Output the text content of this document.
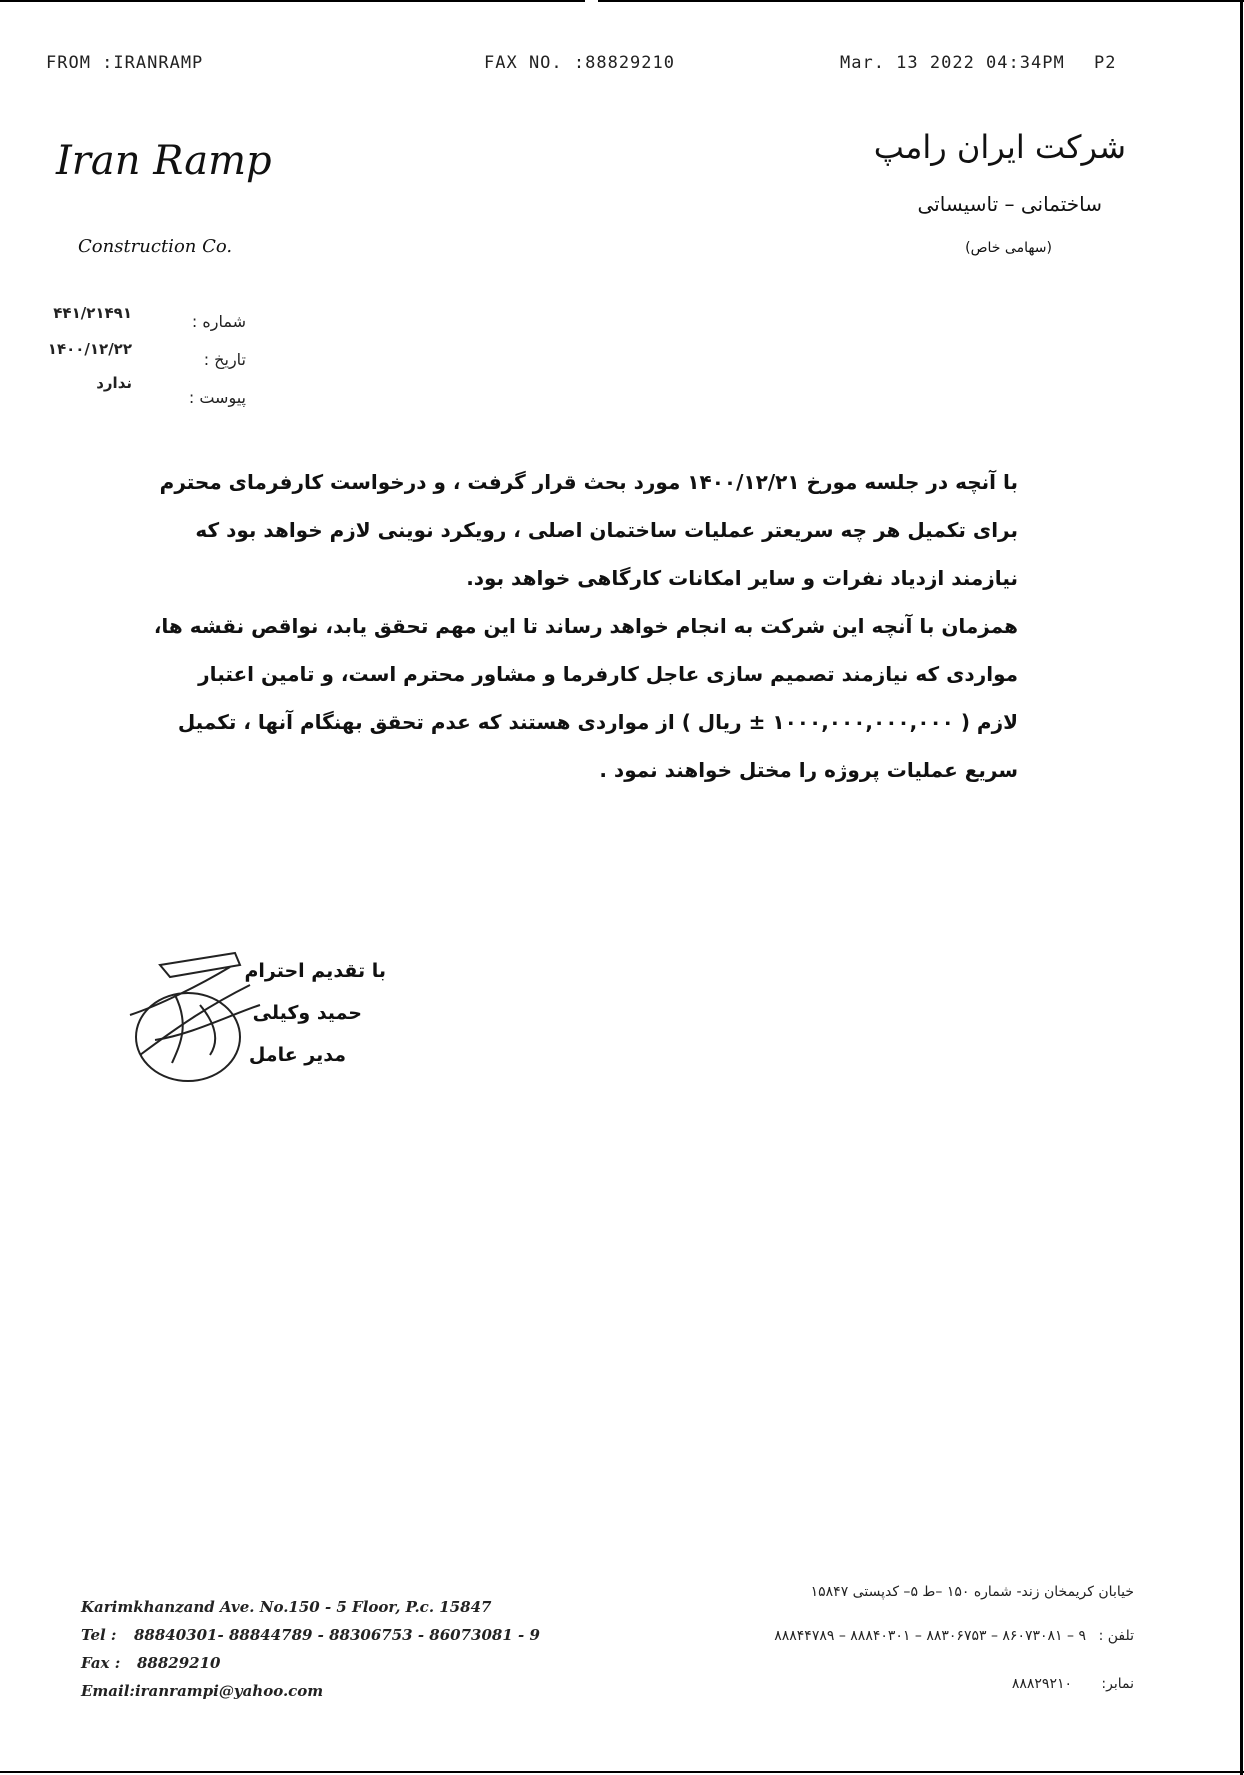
FROM :IRANRAMP	FAX NO. :88829210	Mar. 13 2022 04:34PM P2
Iran Ramp
Construction Co.
شرکت ایران رامپ
ساختمانی – تاسیساتی
(سهامی خاص)
شماره :
۴۴۱/۲۱۴۹۱
تاریخ :
۱۴۰۰/۱۲/۲۲
پیوست :
ندارد
با آنچه در جلسه مورخ ۱۴۰۰/۱۲/۲۱ مورد بحث قرار گرفت ، و درخواست کارفرمای محترم
برای تکمیل هر چه سریعتر عملیات ساختمان اصلی ، رویکرد نوینی لازم خواهد بود که
نیازمند ازدیاد نفرات و سایر امکانات کارگاهی خواهد بود.
همزمان با آنچه این شرکت به انجام خواهد رساند تا این مهم تحقق یابد، نواقص نقشه ها،
مواردی که نیازمند تصمیم سازی عاجل کارفرما و مشاور محترم است، و تامین اعتبار
لازم ( ۱۰۰۰,۰۰۰,۰۰۰,۰۰۰ ± ریال ) از مواردی هستند که عدم تحقق بهنگام آنها ، تکمیل
سریع عملیات پروژه را مختل خواهند نمود .
با تقدیم احترام
حمید وکیلی
مدیر عامل
Karimkhanzand Ave. No.150 - 5 Floor, P.c. 15847
Tel : 88840301- 88844789 - 88306753 - 86073081 - 9
Fax : 88829210
Email:iranrampi@yahoo.com
خیابان کریمخان زند- شماره ۱۵۰ –ط ۵– کدپستی ۱۵۸۴۷
تلفن :
۹ – ۸۶۰۷۳۰۸۱ – ۸۸۳۰۶۷۵۳ – ۸۸۸۴۰۳۰۱ – ۸۸۸۴۴۷۸۹
نمابر:
۸۸۸۲۹۲۱۰
